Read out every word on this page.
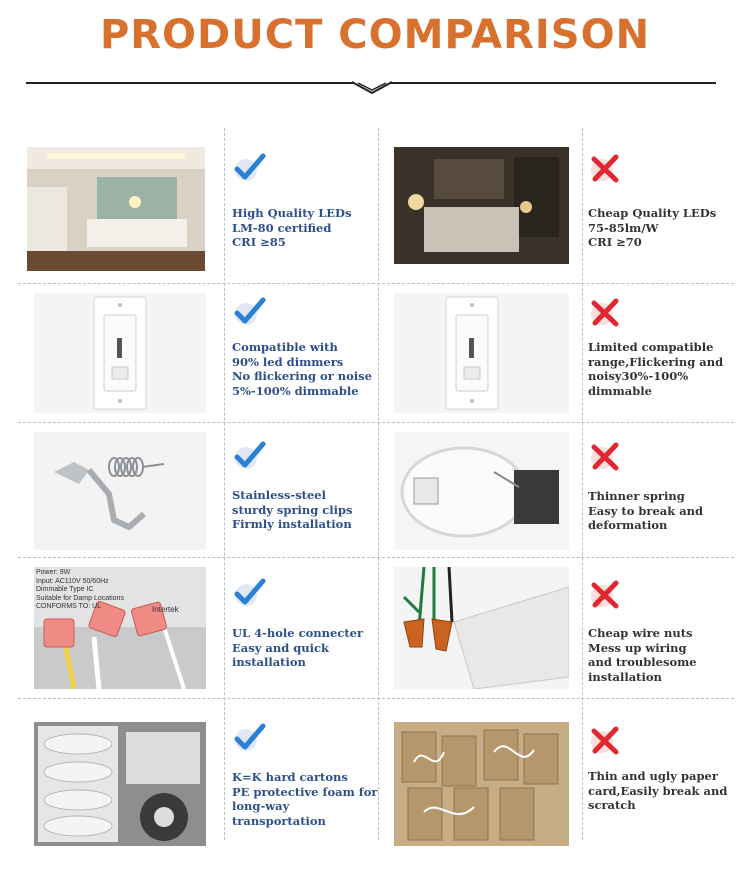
PRODUCT COMPARISON
High Quality LEDs
LM-80 certified
CRI ≥85
Cheap Quality LEDs
75-85lm/W
CRI ≥70
Compatible with
90% led dimmers
No flickering or noise
5%-100% dimmable
Limited compatible
range,Flickering and
noisy30%-100%
dimmable
Stainless-steel
sturdy spring clips
Firmly installation
Thinner spring
Easy to break and
deformation
Power: 9W
Input: AC110V 50/60Hz
Dimmable Type IC
Suitable for Damp Locations
CONFORMS TO: UL	Intertek
UL 4-hole connecter
Easy and quick
installation
Cheap wire nuts
Mess up wiring
and troublesome
installation
K=K hard cartons
PE protective foam for
long-way transportation
Thin and ugly paper
card,Easily break and
scratch
